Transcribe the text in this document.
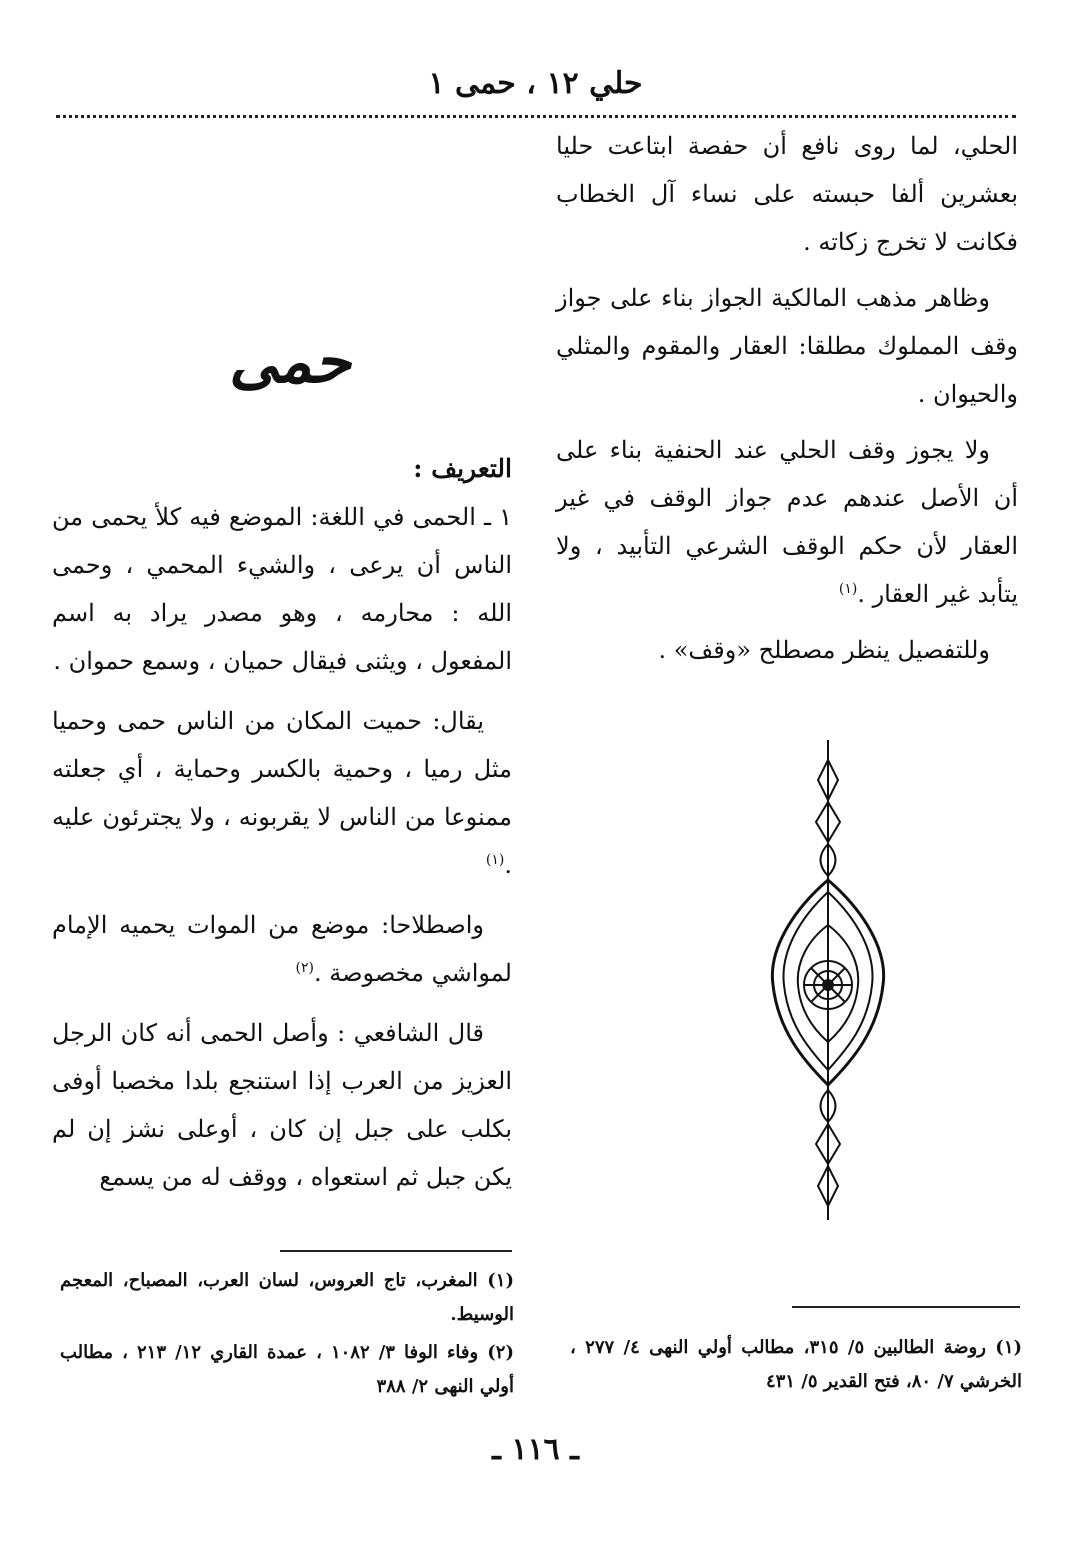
حلي ١٢ ، حمى ١

الحلي، لما روى نافع أن حفصة ابتاعت حليا بعشرين ألفا حبسته على نساء آل الخطاب فكانت لا تخرج زكاته .

وظاهر مذهب المالكية الجواز بناء على جواز وقف المملوك مطلقا: العقار والمقوم والمثلي والحيوان .

ولا يجوز وقف الحلي عند الحنفية بناء على أن الأصل عندهم عدم جواز الوقف في غير العقار لأن حكم الوقف الشرعي التأبيد ، ولا يتأبد غير العقار .$^{(١)}$

وللتفصيل ينظر مصطلح «وقف» .

حمى

التعريف :

١ ـ الحمى في اللغة: الموضع فيه كلأ يحمى من الناس أن يرعى ، والشيء المحمي ، وحمى الله : محارمه ، وهو مصدر يراد به اسم المفعول ، ويثنى فيقال حميان ، وسمع حموان .

يقال: حميت المكان من الناس حمى وحميا مثل رميا ، وحمية بالكسر وحماية ، أي جعلته ممنوعا من الناس لا يقربونه ، ولا يجترئون عليه .$^{(١)}$

واصطلاحا: موضع من الموات يحميه الإمام لمواشي مخصوصة .$^{(٢)}$

قال الشافعي : وأصل الحمى أنه كان الرجل العزيز من العرب إذا استنجع بلدا مخصبا أوفى بكلب على جبل إن كان ، أوعلى نشز إن لم يكن جبل ثم استعواه ، ووقف له من يسمع

(١) روضة الطالبين ٥/ ٣١٥، مطالب أولي النهى ٤/ ٢٧٧ ، الخرشي ٧/ ٨٠، فتح القدير ٥/ ٤٣١

(١) المغرب، تاج العروس، لسان العرب، المصباح، المعجم الوسيط.

(٢) وفاء الوفا ٣/ ١٠٨٢ ، عمدة القاري ١٢/ ٢١٣ ، مطالب أولي النهى ٢/ ٣٨٨

ـ ١١٦ ـ
